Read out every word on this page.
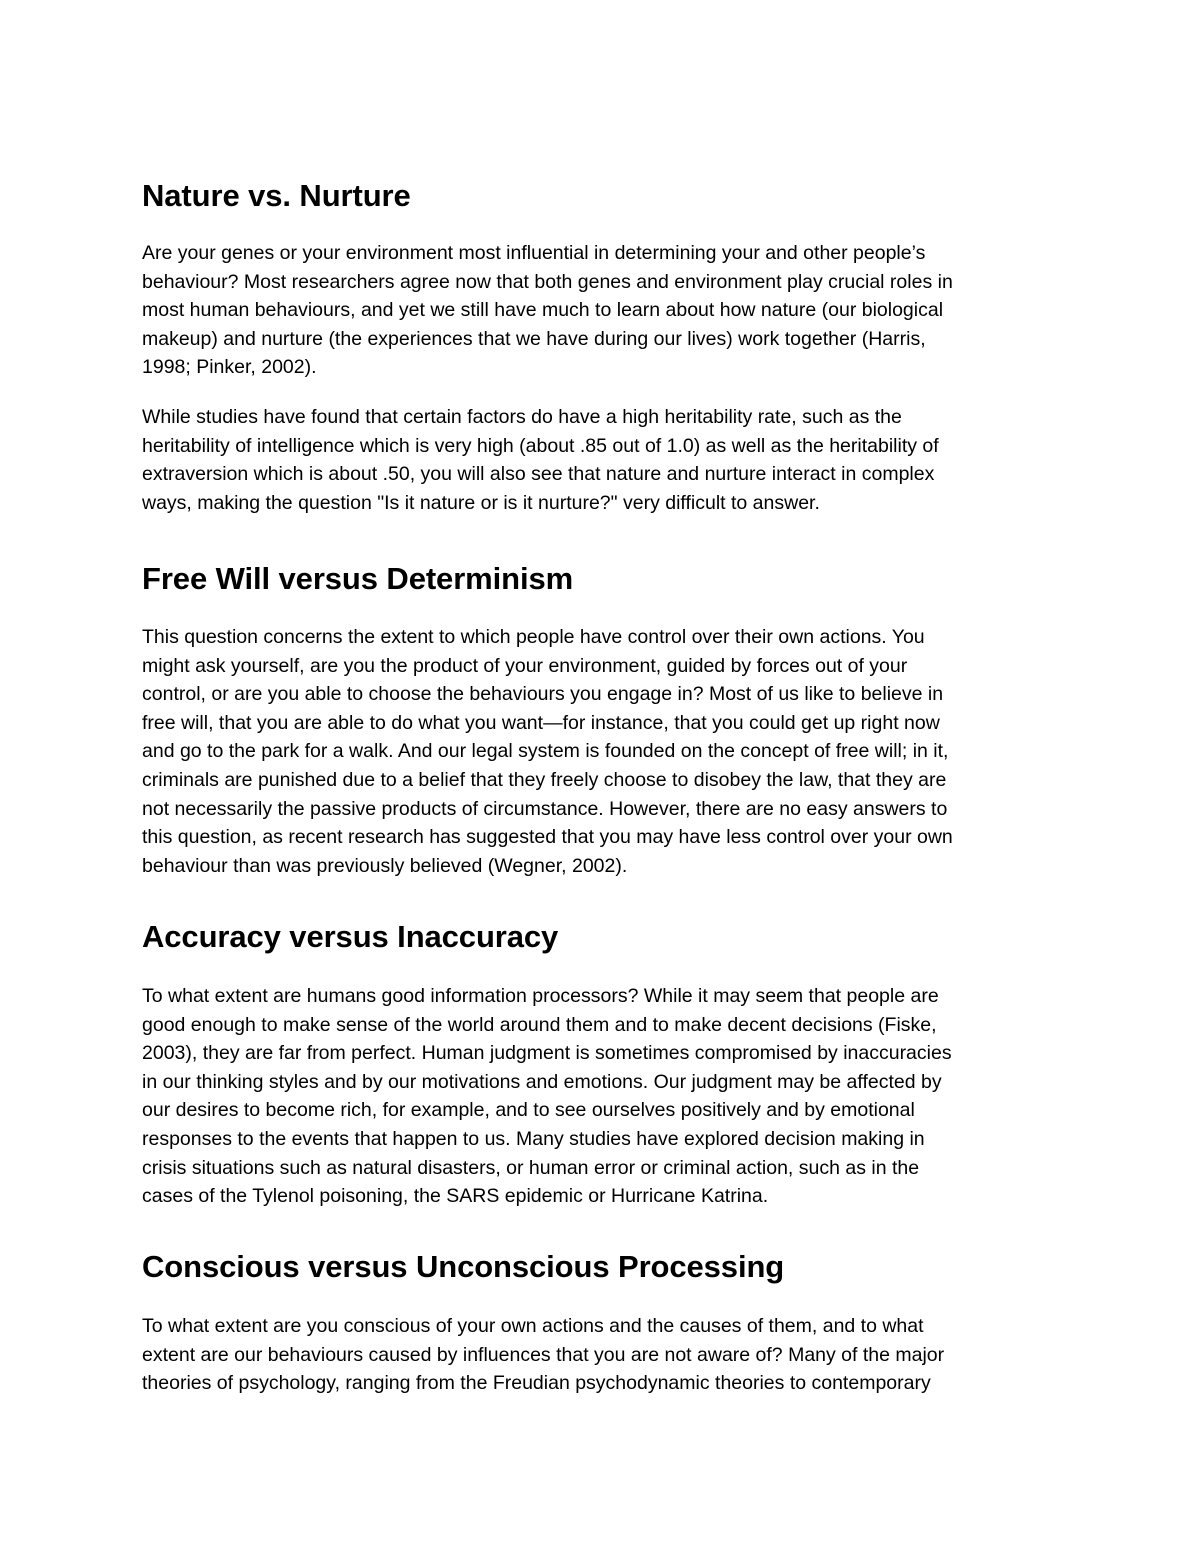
Nature vs. Nurture

Are your genes or your environment most influential in determining your and other people’s
behaviour? Most researchers agree now that both genes and environment play crucial roles in
most human behaviours, and yet we still have much to learn about how nature (our biological
makeup) and nurture (the experiences that we have during our lives) work together (Harris,
1998; Pinker, 2002).

While studies have found that certain factors do have a high heritability rate, such as the
heritability of intelligence which is very high (about .85 out of 1.0) as well as the heritability of
extraversion which is about .50, you will also see that nature and nurture interact in complex
ways, making the question "Is it nature or is it nurture?" very difficult to answer.

Free Will versus Determinism

This question concerns the extent to which people have control over their own actions. You
might ask yourself, are you the product of your environment, guided by forces out of your
control, or are you able to choose the behaviours you engage in? Most of us like to believe in
free will, that you are able to do what you want—for instance, that you could get up right now
and go to the park for a walk. And our legal system is founded on the concept of free will; in it,
criminals are punished due to a belief that they freely choose to disobey the law, that they are
not necessarily the passive products of circumstance. However, there are no easy answers to
this question, as recent research has suggested that you may have less control over your own
behaviour than was previously believed (Wegner, 2002).

Accuracy versus Inaccuracy

To what extent are humans good information processors? While it may seem that people are
good enough to make sense of the world around them and to make decent decisions (Fiske,
2003), they are far from perfect. Human judgment is sometimes compromised by inaccuracies
in our thinking styles and by our motivations and emotions. Our judgment may be affected by
our desires to become rich, for example, and to see ourselves positively and by emotional
responses to the events that happen to us. Many studies have explored decision making in
crisis situations such as natural disasters, or human error or criminal action, such as in the
cases of the Tylenol poisoning, the SARS epidemic or Hurricane Katrina.

Conscious versus Unconscious Processing

To what extent are you conscious of your own actions and the causes of them, and to what
extent are our behaviours caused by influences that you are not aware of? Many of the major
theories of psychology, ranging from the Freudian psychodynamic theories to contemporary
